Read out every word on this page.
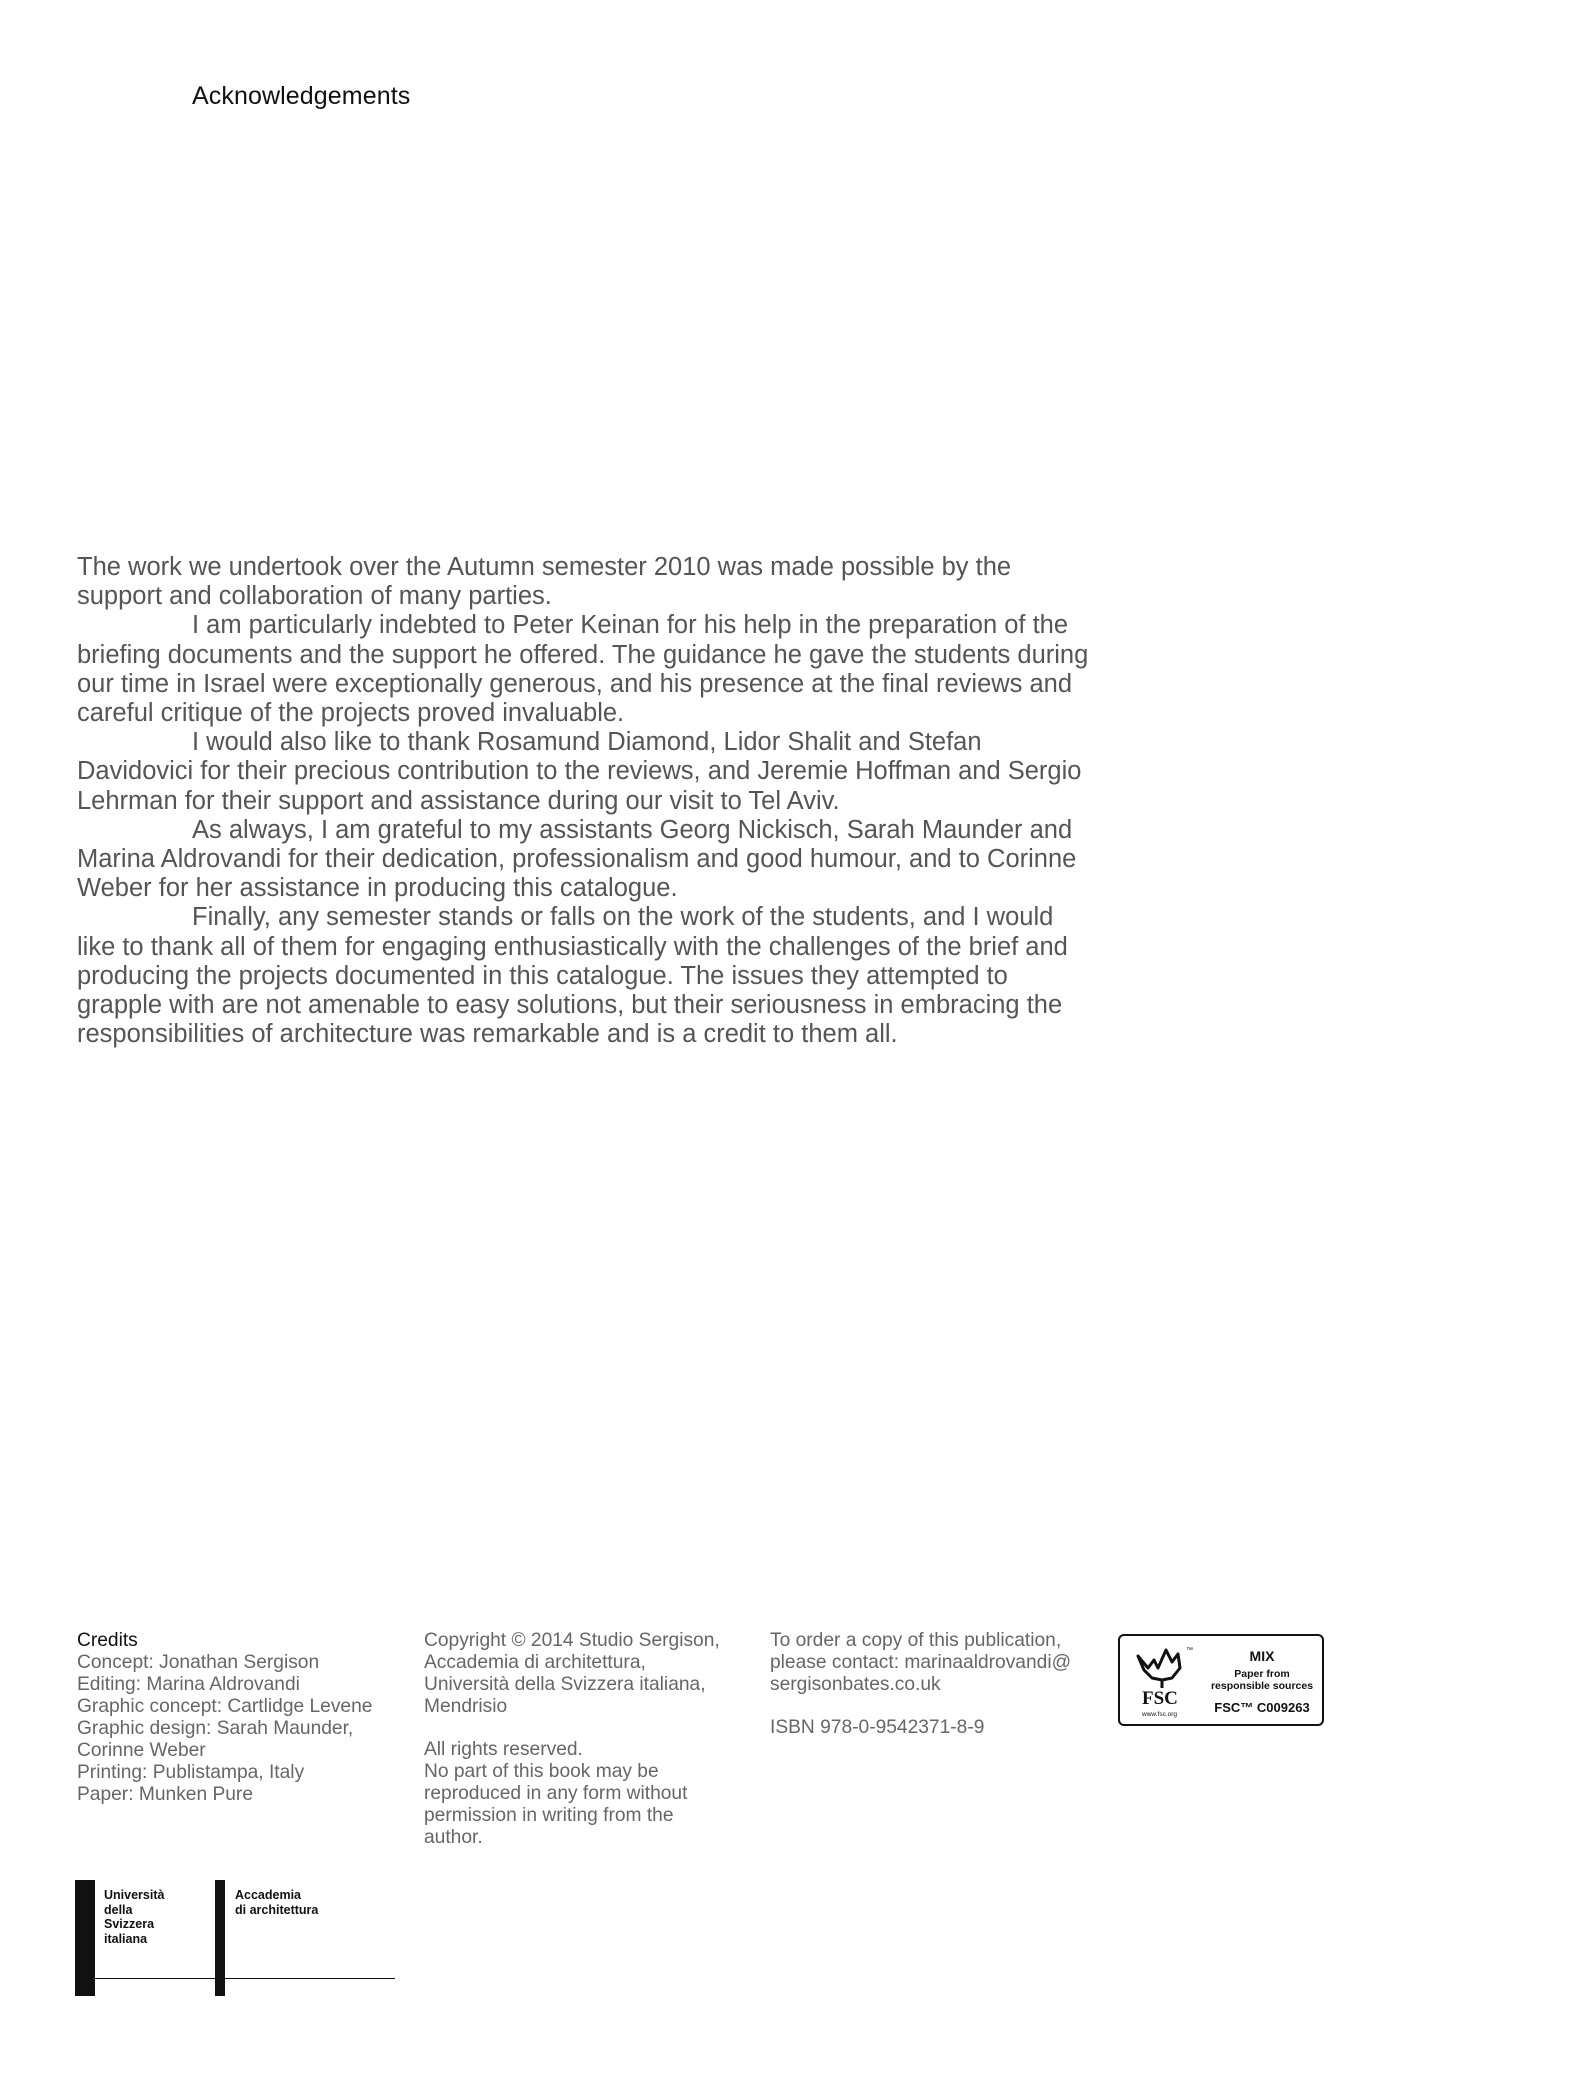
Acknowledgements

The work we undertook over the Autumn semester 2010 was made possible by the support and collaboration of many parties.

I am particularly indebted to Peter Keinan for his help in the preparation of the briefing documents and the support he offered. The guidance he gave the students during our time in Israel were exceptionally generous, and his presence at the final reviews and careful critique of the projects proved invaluable.

I would also like to thank Rosamund Diamond, Lidor Shalit and Stefan Davidovici for their precious contribution to the reviews, and Jeremie Hoffman and Sergio Lehrman for their support and assistance during our visit to Tel Aviv.

As always, I am grateful to my assistants Georg Nickisch, Sarah Maunder and Marina Aldrovandi for their dedication, professionalism and good humour, and to Corinne Weber for her assistance in producing this catalogue.

Finally, any semester stands or falls on the work of the students, and I would like to thank all of them for engaging enthusiastically with the challenges of the brief and producing the projects documented in this catalogue. The issues they attempted to grapple with are not amenable to easy solutions, but their seriousness in embracing the responsibilities of architecture was remarkable and is a credit to them all.

Credits

Concept: Jonathan Sergison

Editing: Marina Aldrovandi

Graphic concept: Cartlidge Levene

Graphic design: Sarah Maunder, Corinne Weber

Printing: Publistampa, Italy

Paper: Munken Pure

Copyright © 2014 Studio Sergison, Accademia di architettura, Università della Svizzera italiana, Mendrisio

All rights reserved.

No part of this book may be reproduced in any form without permission in writing from the author.

To order a copy of this publication, please contact: marinaaldrovandi@ sergisonbates.co.uk

ISBN 978-0-9542371-8-9

FSC
™
www.fsc.org
MIX
Paper from
responsible sources
FSC™ C009263
Università
della
Svizzera
italiana
Accademia
di architettura
